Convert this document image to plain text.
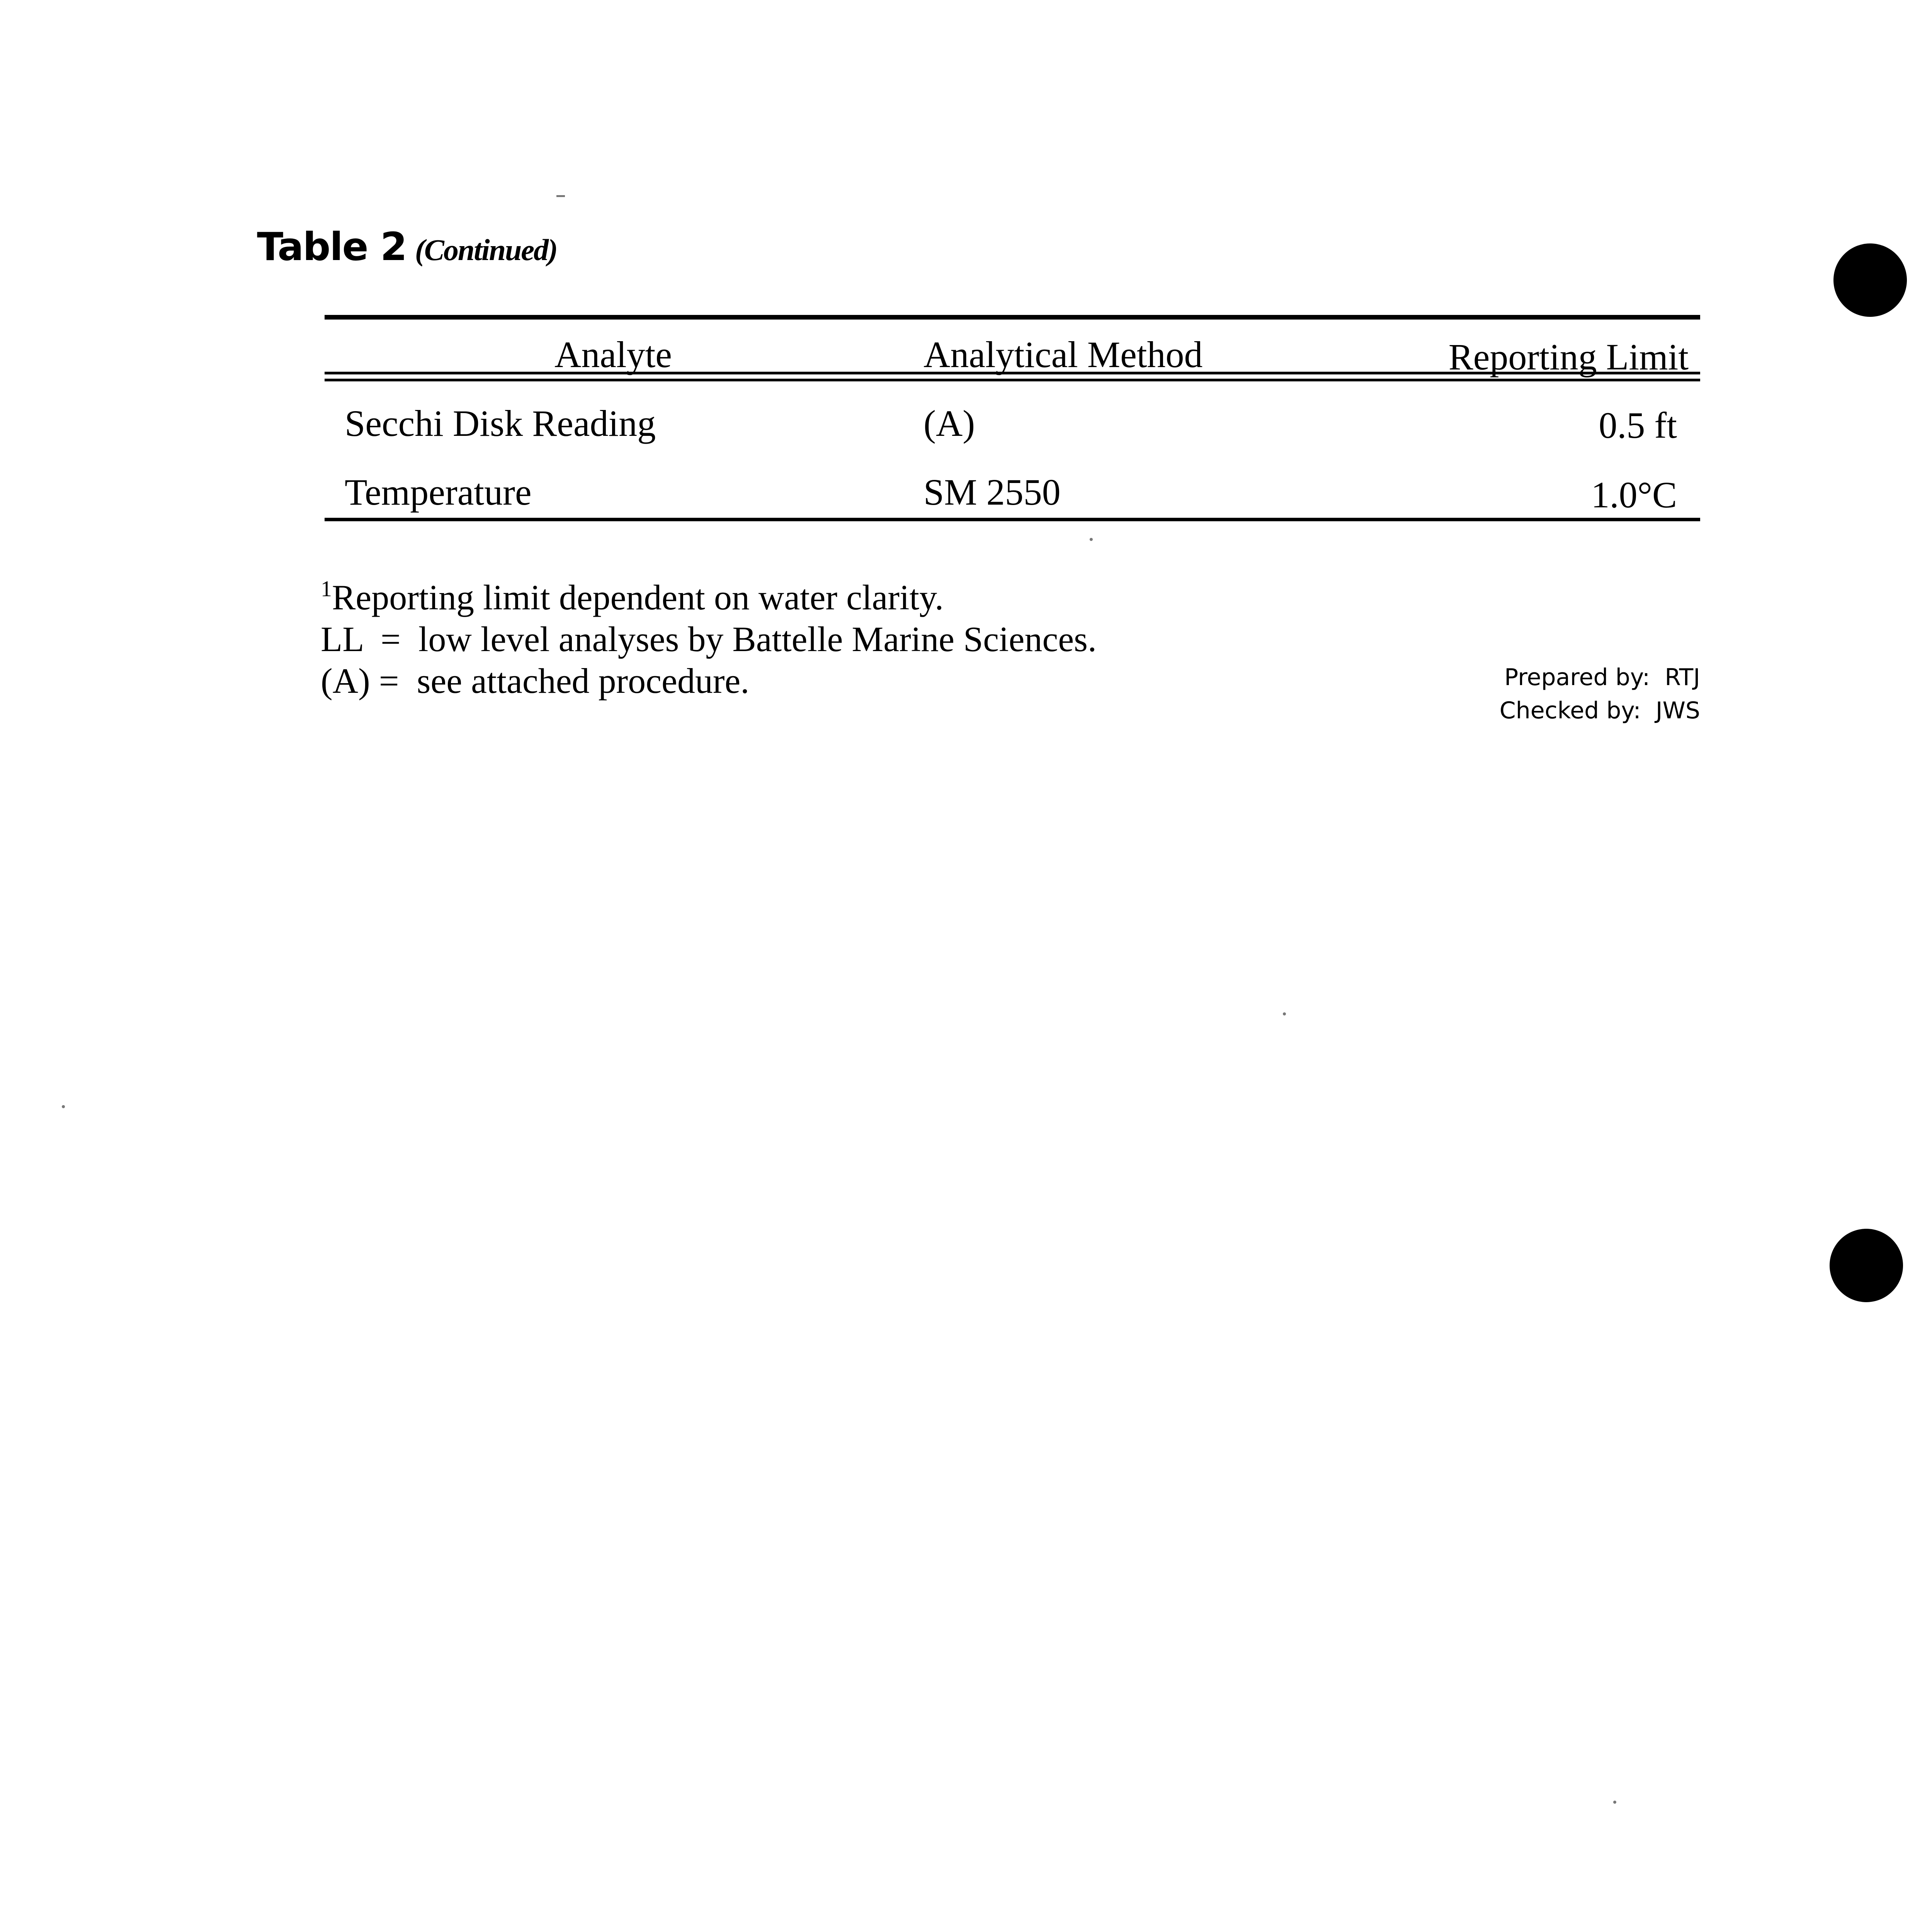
Table 2 (Continued)
Analyte	Analytical Method	Reporting Limit
Secchi Disk Reading	(A)	0.5 ft
Temperature	SM 2550	1.0°C
$^1$Reporting limit dependent on water clarity.
LL  =  low level analyses by Battelle Marine Sciences.
(A) =  see attached procedure.	Prepared by:  RTJ
Checked by:  JWS
